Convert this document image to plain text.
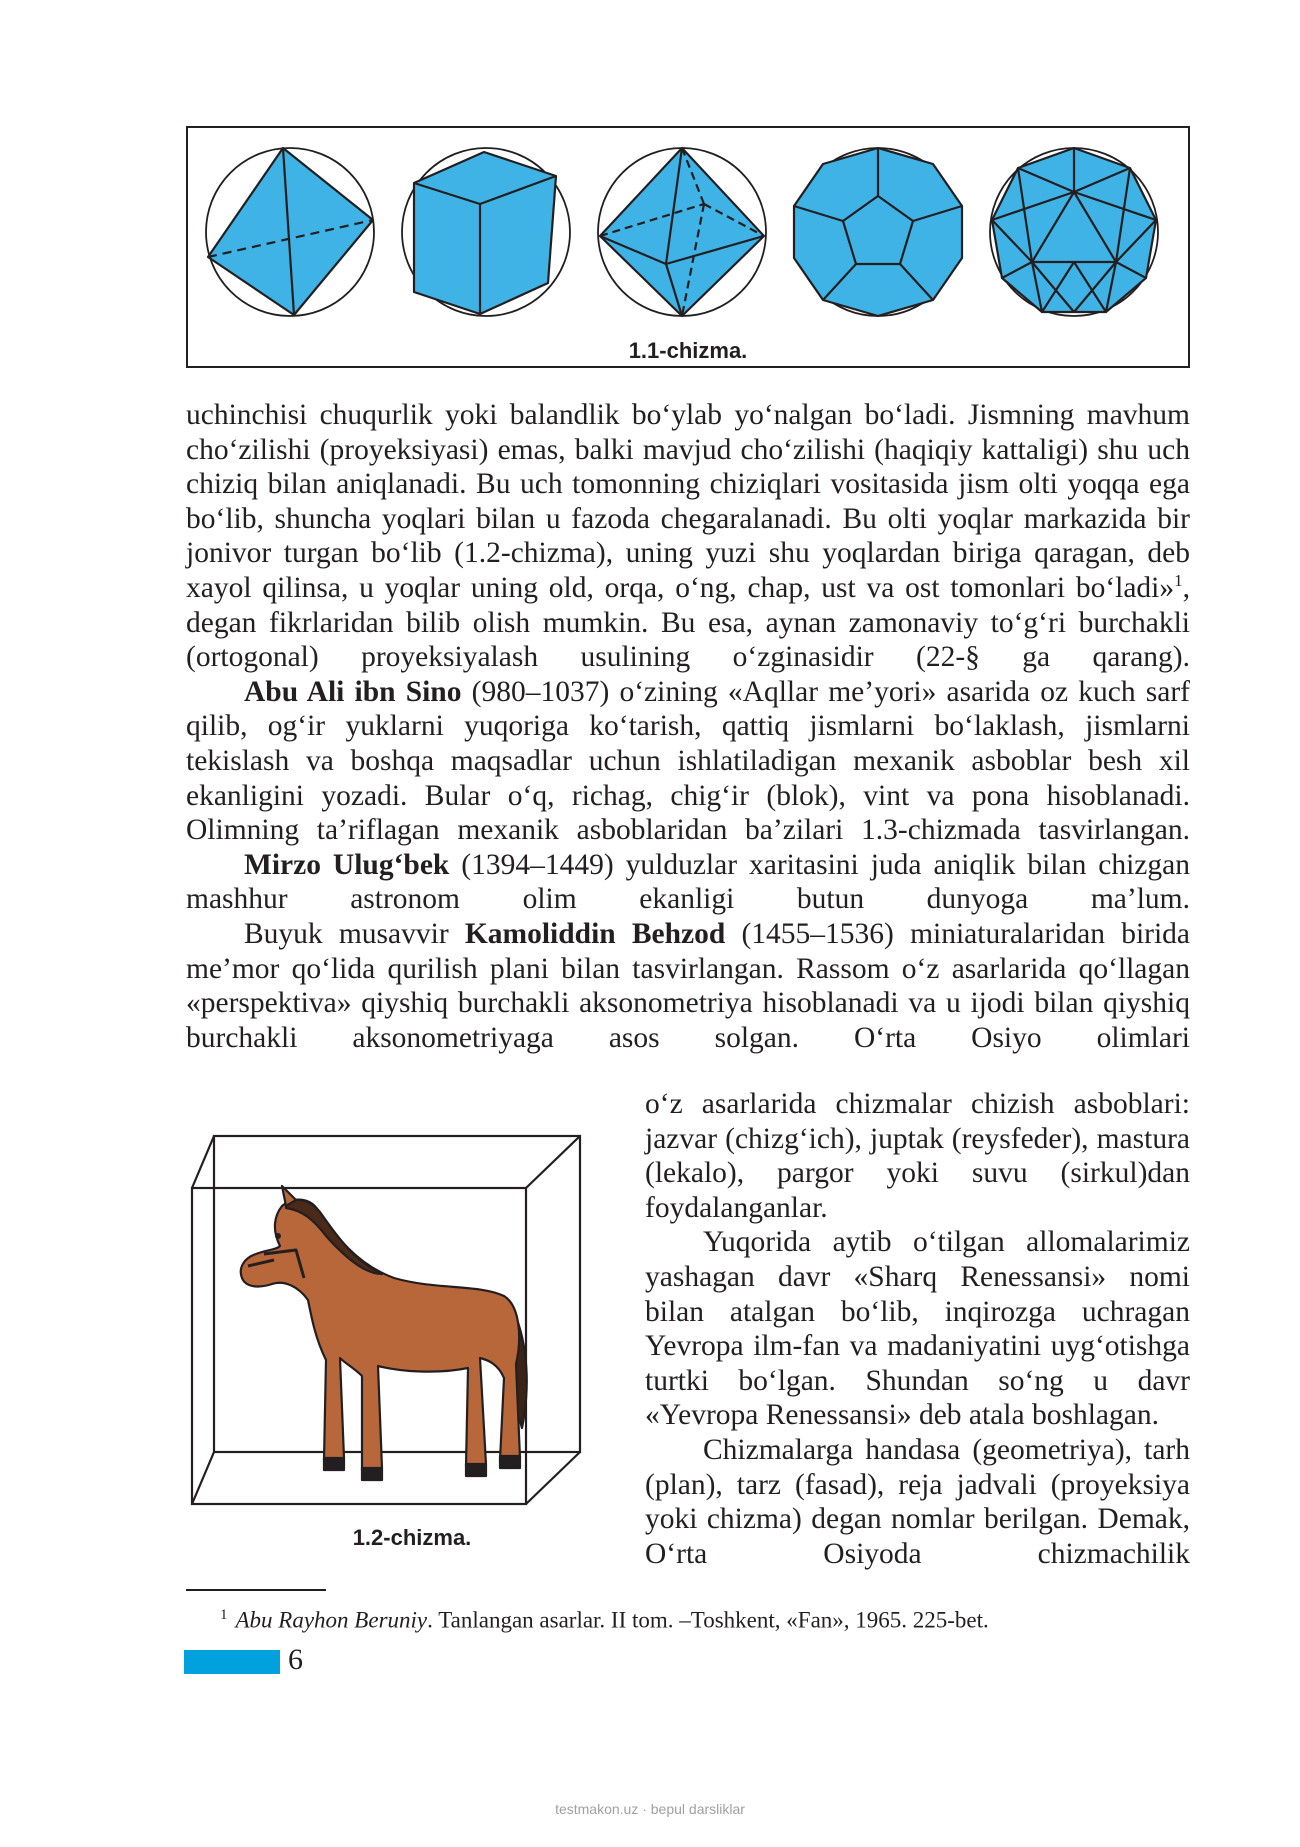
1.1-chizma.

uchinchisi chuqurlik yoki balandlik bo‘ylab yo‘nalgan bo‘ladi. Jismning mavhum cho‘zilishi (proyeksiyasi) emas, balki mavjud cho‘zilishi (haqiqiy kattaligi) shu uch chiziq bilan aniqlanadi. Bu uch tomonning chiziqlari vositasida jism olti yoqqa ega bo‘lib, shuncha yoqlari bilan u fazoda chegaralanadi. Bu olti yoqlar markazida bir jonivor turgan bo‘lib (1.2-chizma), uning yuzi shu yoqlardan biriga qaragan, deb xayol qilinsa, u yoqlar uning old, orqa, o‘ng, chap, ust va ost tomonlari bo‘ladi»$^1$, degan fikrlaridan bilib olish mumkin. Bu esa, aynan zamonaviy to‘g‘ri burchakli (ortogonal) proyeksiyalash usulining o‘zginasidir (22-§ ga qarang).

Abu Ali ibn Sino (980–1037) o‘zining «Aqllar me’yori» asarida oz kuch sarf qilib, og‘ir yuklarni yuqoriga ko‘tarish, qattiq jismlarni bo‘laklash, jismlarni tekislash va boshqa maqsadlar uchun ishlatiladigan mexanik asboblar besh xil ekanligini yozadi. Bular o‘q, richag, chig‘ir (blok), vint va pona hisoblanadi. Olimning ta’riflagan mexanik asboblaridan ba’zilari 1.3-chizmada tasvirlangan.

Mirzo Ulug‘bek (1394–1449) yulduzlar xaritasini juda aniqlik bilan chizgan mashhur astronom olim ekanligi butun dunyoga ma’lum.

Buyuk musavvir Kamoliddin Behzod (1455–1536) miniaturalaridan birida me’mor qo‘lida qurilish plani bilan tasvirlangan. Rassom o‘z asarlarida qo‘llagan «perspektiva» qiyshiq burchakli aksonometriya hisoblanadi va u ijodi bilan qiyshiq burchakli aksonometriyaga asos solgan. O‘rta Osiyo olimlari

1.2-chizma.

o‘z asarlarida chizmalar chizish asboblari: jazvar (chizg‘ich), juptak (reysfeder), mastura (lekalo), pargor yoki suvu (sirkul)dan foydalanganlar.

Yuqorida aytib o‘tilgan allomalarimiz yashagan davr «Sharq Renessansi» nomi bilan atalgan bo‘lib, inqirozga uchragan Yevropa ilm-fan va madaniyatini uyg‘otishga turtki bo‘lgan. Shundan so‘ng u davr «Yevropa Renessansi» deb atala boshlagan.

Chizmalarga handasa (geometriya), tarh (plan), tarz (fasad), reja jadvali (proyeksiya yoki chizma) degan nomlar berilgan. Demak, O‘rta Osiyoda chizmachilik

$^1$ Abu Rayhon Beruniy. Tanlangan asarlar. II tom. –Toshkent, «Fan», 1965. 225-bet.
6
testmakon.uz · bepul darsliklar
